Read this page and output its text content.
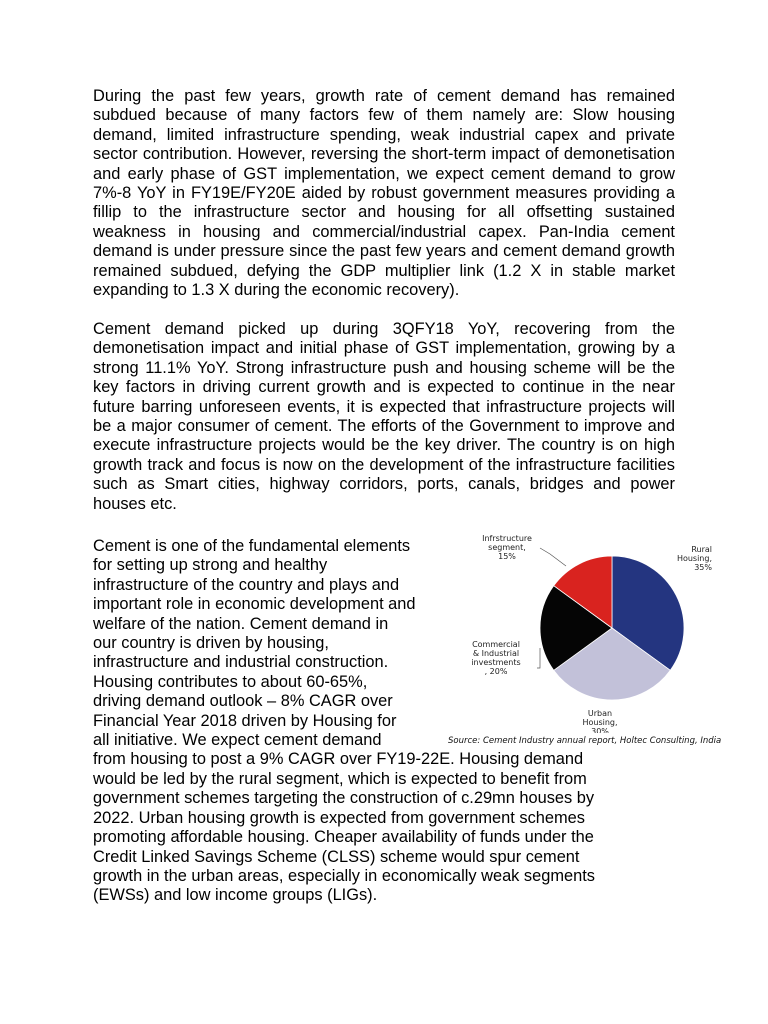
During the past few years, growth rate of cement demand has remained subdued because of many factors few of them namely are: Slow housing demand, limited infrastructure spending, weak industrial capex and private sector contribution. However, reversing the short-term impact of demonetisation and early phase of GST implementation, we expect cement demand to grow 7%-8 YoY in FY19E/FY20E aided by robust government measures providing a fillip to the infrastructure sector and housing for all offsetting sustained weakness in housing and commercial/industrial capex. Pan-India cement demand is under pressure since the past few years and cement demand growth remained subdued, defying the GDP multiplier link (1.2 X in stable market expanding to 1.3 X during the economic recovery).

Cement demand picked up during 3QFY18 YoY, recovering from the demonetisation impact and initial phase of GST implementation, growing by a strong 11.1% YoY. Strong infrastructure push and housing scheme will be the key factors in driving current growth and is expected to continue in the near future barring unforeseen events, it is expected that infrastructure projects will be a major consumer of cement. The efforts of the Government to improve and execute infrastructure projects would be the key driver. The country is on high growth track and focus is now on the development of the infrastructure facilities such as Smart cities, highway corridors, ports, canals, bridges and power houses etc.

Cement is one of the fundamental elements
for setting up strong and healthy
infrastructure of the country and plays and
important role in economic development and
welfare of the nation. Cement demand in
our country is driven by housing,
infrastructure and industrial construction.
Housing contributes to about 60-65%,
driving demand outlook – 8% CAGR over
Financial Year 2018 driven by Housing for
all initiative. We expect cement demand
from housing to post a 9% CAGR over FY19-22E. Housing demand
would be led by the rural segment, which is expected to benefit from
government schemes targeting the construction of c.29mn houses by
2022. Urban housing growth is expected from government schemes
promoting affordable housing. Cheaper availability of funds under the
Credit Linked Savings Scheme (CLSS) scheme would spur cement
growth in the urban areas, especially in economically weak segments
(EWSs) and low income groups (LIGs).
Rural Housing, 35%
Urban Housing, 30%
Commercial & Industrial investments , 20%
Infrstructure segment, 15%
Source: Cement Industry annual report, Holtec Consulting, India
